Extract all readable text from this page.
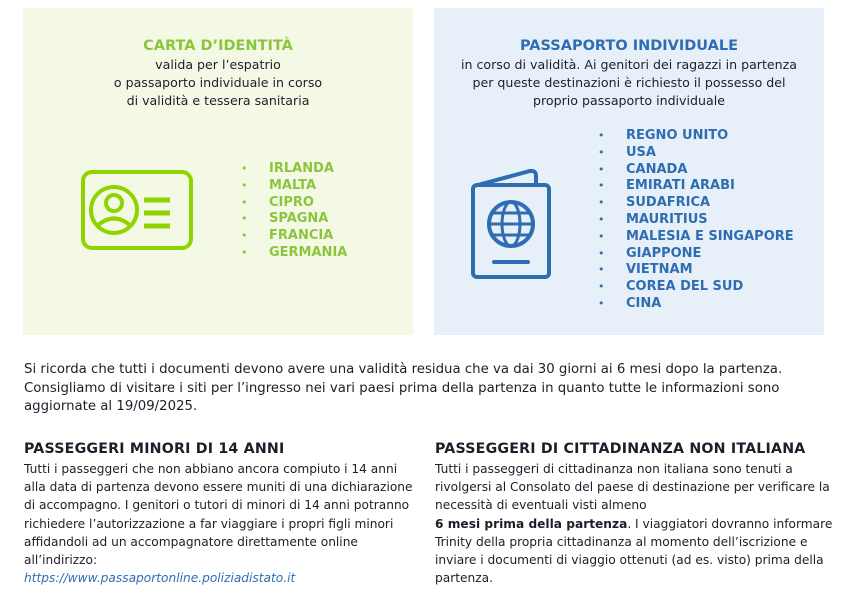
CARTA D’IDENTITÀ
valida per l’espatrio
o passaporto individuale in corso
di validità e tessera sanitaria
• IRLANDA
• MALTA
• CIPRO
• SPAGNA
• FRANCIA
• GERMANIA
PASSAPORTO INDIVIDUALE
in corso di validità. Ai genitori dei ragazzi in partenza
per queste destinazioni è richiesto il possesso del
proprio passaporto individuale
• REGNO UNITO
• USA
• CANADA
• EMIRATI ARABI
• SUDAFRICA
• MAURITIUS
• MALESIA E SINGAPORE
• GIAPPONE
• VIETNAM
• COREA DEL SUD
• CINA
Si ricorda che tutti i documenti devono avere una validità residua che va dai 30 giorni ai 6 mesi dopo la partenza.
Consigliamo di visitare i siti per l’ingresso nei vari paesi prima della partenza in quanto tutte le informazioni sono
aggiornate al 19/09/2025.
PASSEGGERI MINORI DI 14 ANNI
Tutti i passeggeri che non abbiano ancora compiuto i 14 anni
alla data di partenza devono essere muniti di una dichiarazione
di accompagno. I genitori o tutori di minori di 14 anni potranno
richiedere l’autorizzazione a far viaggiare i propri figli minori
affidandoli ad un accompagnatore direttamente online
all’indirizzo:
https://www.passaportonline.poliziadistato.it
PASSEGGERI DI CITTADINANZA NON ITALIANA
Tutti i passeggeri di cittadinanza non italiana sono tenuti a
rivolgersi al Consolato del paese di destinazione per verificare la
necessità di eventuali visti almeno
6 mesi prima della partenza. I viaggiatori dovranno informare
Trinity della propria cittadinanza al momento dell’iscrizione e
inviare i documenti di viaggio ottenuti (ad es. visto) prima della
partenza.
